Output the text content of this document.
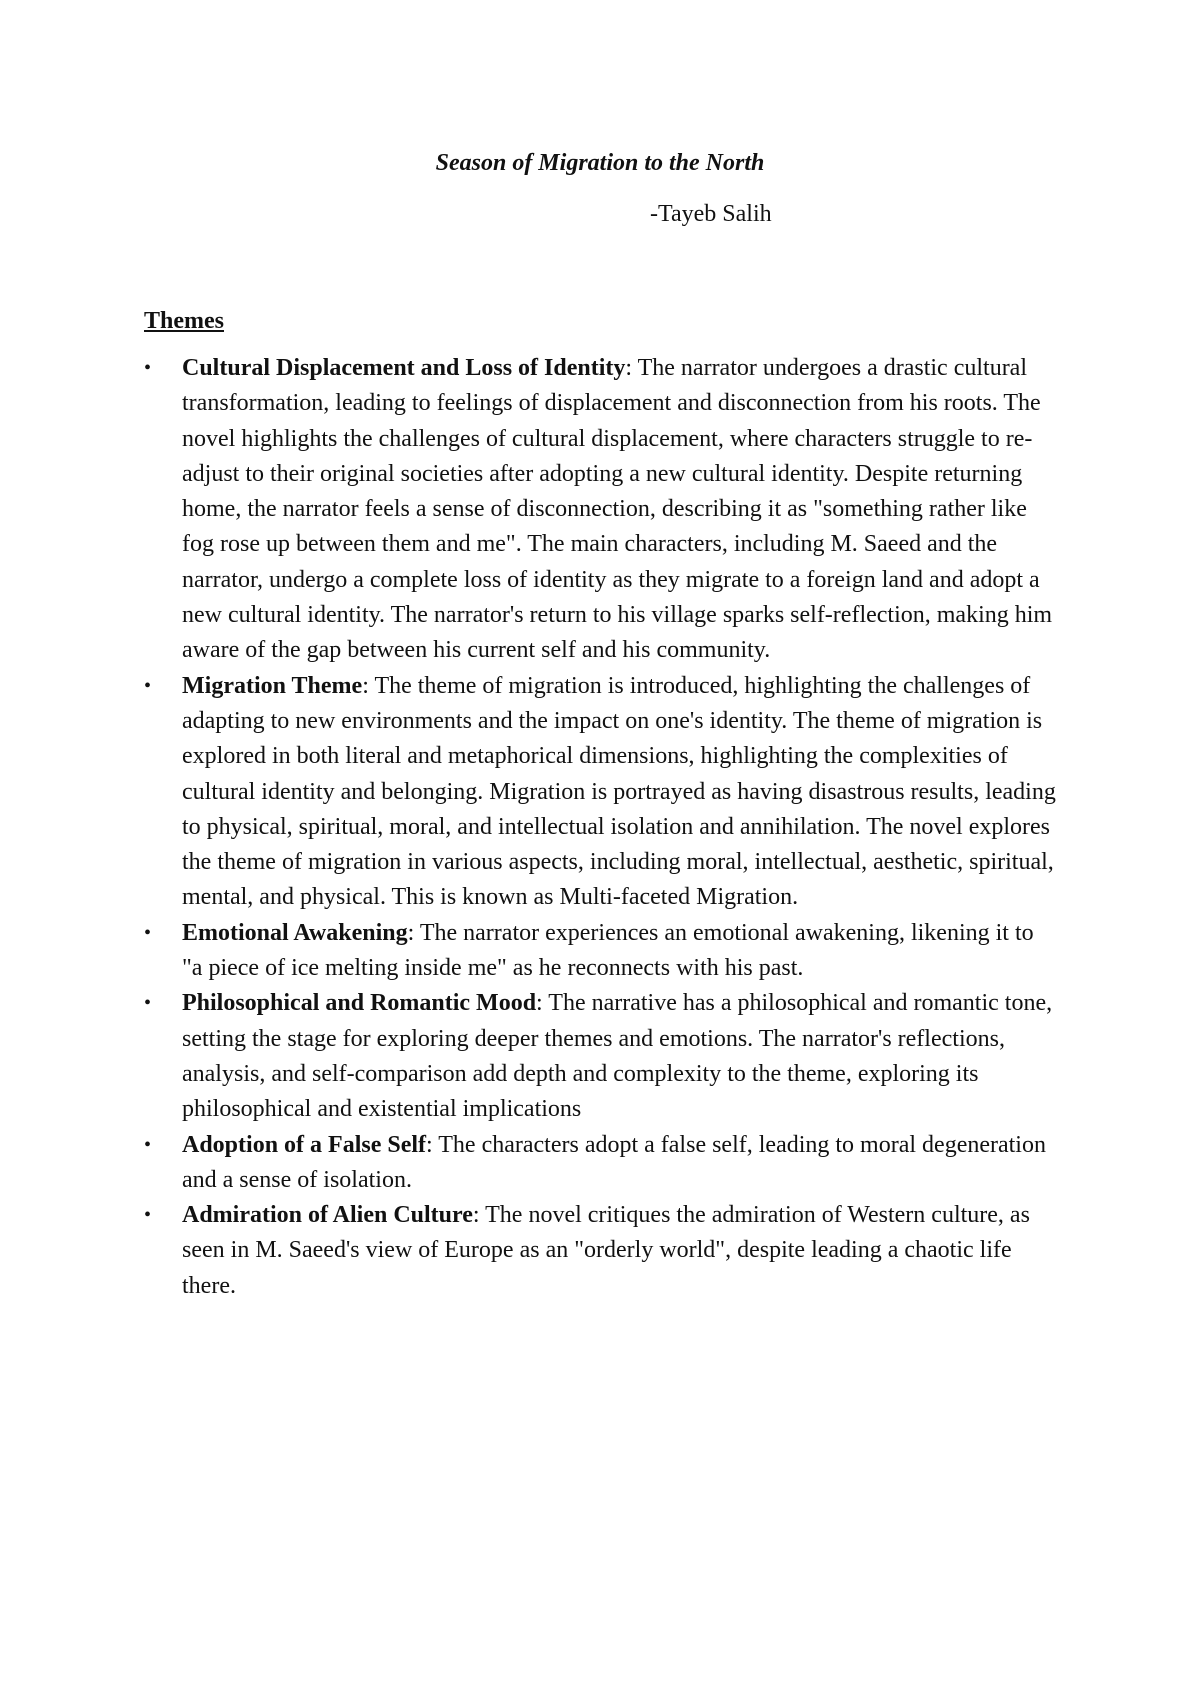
Season of Migration to the North
-Tayeb Salih
Themes
•	Cultural Displacement and Loss of Identity: The narrator undergoes a drastic cultural transformation, leading to feelings of displacement and disconnection from his roots. The novel highlights the challenges of cultural displacement, where characters struggle to re-adjust to their original societies after adopting a new cultural identity. Despite returning home, the narrator feels a sense of disconnection, describing it as "something rather like fog rose up between them and me". The main characters, including M. Saeed and the narrator, undergo a complete loss of identity as they migrate to a foreign land and adopt a new cultural identity. The narrator's return to his village sparks self-reflection, making him aware of the gap between his current self and his community.
•	Migration Theme: The theme of migration is introduced, highlighting the challenges of adapting to new environments and the impact on one's identity. The theme of migration is explored in both literal and metaphorical dimensions, highlighting the complexities of cultural identity and belonging. Migration is portrayed as having disastrous results, leading to physical, spiritual, moral, and intellectual isolation and annihilation. The novel explores the theme of migration in various aspects, including moral, intellectual, aesthetic, spiritual, mental, and physical. This is known as Multi-faceted Migration.
•	Emotional Awakening: The narrator experiences an emotional awakening, likening it to "a piece of ice melting inside me" as he reconnects with his past.
•	Philosophical and Romantic Mood: The narrative has a philosophical and romantic tone, setting the stage for exploring deeper themes and emotions. The narrator's reflections, analysis, and self-comparison add depth and complexity to the theme, exploring its philosophical and existential implications
•	Adoption of a False Self: The characters adopt a false self, leading to moral degeneration and a sense of isolation.
•	Admiration of Alien Culture: The novel critiques the admiration of Western culture, as seen in M. Saeed's view of Europe as an "orderly world", despite leading a chaotic life there.
